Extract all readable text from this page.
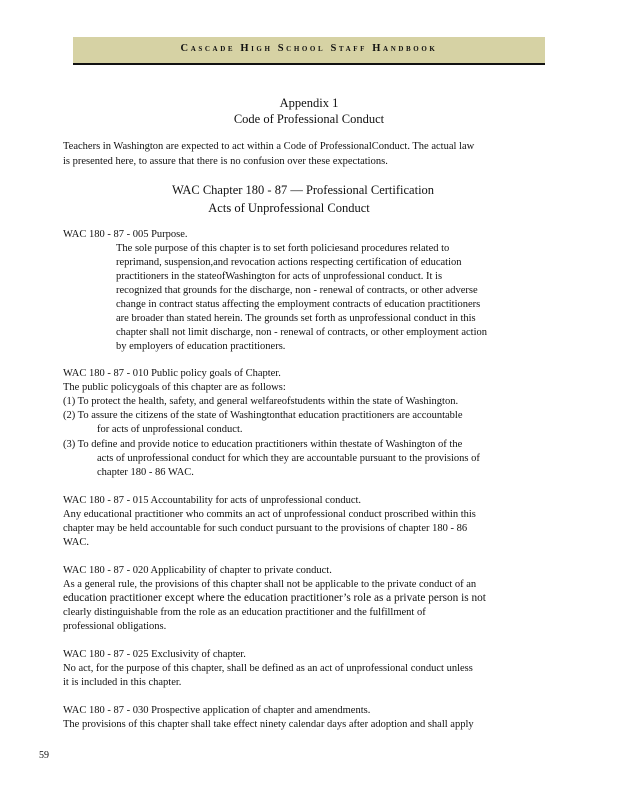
Cascade High School Staff Handbook
Appendix 1
Code of Professional Conduct
Teachers in Washington are expected to act within a Code of ProfessionalConduct. The actual law
is presented here, to assure that there is no confusion over these expectations.
WAC Chapter 180 - 87 — Professional Certification
Acts of Unprofessional Conduct
WAC 180 - 87 - 005 Purpose.
The sole purpose of this chapter is to set forth policiesand procedures related to
reprimand, suspension,and revocation actions respecting certification of education
practitioners in the stateofWashington for acts of unprofessional conduct. It is
recognized that grounds for the discharge, non - renewal of contracts, or other adverse
change in contract status affecting the employment contracts of education practitioners
are broader than stated herein. The grounds set forth as unprofessional conduct in this
chapter shall not limit discharge, non - renewal of contracts, or other employment action
by employers of education practitioners.
WAC 180 - 87 - 010 Public policy goals of Chapter.
The public policygoals of this chapter are as follows:
(1) To protect the health, safety, and general welfareofstudents within the state of Washington.
(2) To assure the citizens of the state of Washingtonthat education practitioners are accountable
for acts of unprofessional conduct.
(3) To define and provide notice to education practitioners within thestate of Washington of the
acts of unprofessional conduct for which they are accountable pursuant to the provisions of
chapter 180 - 86 WAC.
WAC 180 - 87 - 015 Accountability for acts of unprofessional conduct.
Any educational practitioner who commits an act of unprofessional conduct proscribed within this
chapter may be held accountable for such conduct pursuant to the provisions of chapter 180 - 86
WAC.
WAC 180 - 87 - 020 Applicability of chapter to private conduct.
As a general rule, the provisions of this chapter shall not be applicable to the private conduct of an
education practitioner except where the education practitioner’s role as a private person is not
clearly distinguishable from the role as an education practitioner and the fulfillment of
professional obligations.
WAC 180 - 87 - 025 Exclusivity of chapter.
No act, for the purpose of this chapter, shall be defined as an act of unprofessional conduct unless
it is included in this chapter.
WAC 180 - 87 - 030 Prospective application of chapter and amendments.
The provisions of this chapter shall take effect ninety calendar days after adoption and shall apply
59
